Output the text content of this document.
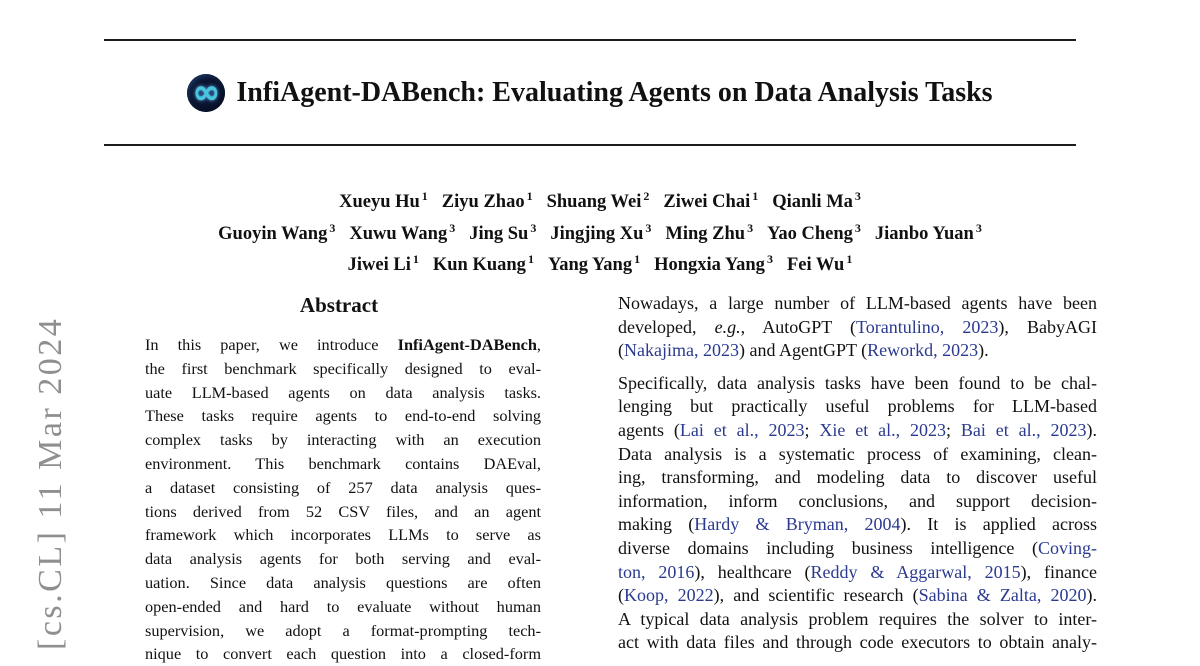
∞ InfiAgent-DABench: Evaluating Agents on Data Analysis Tasks
Xueyu Hu $^1$ Ziyu Zhao $^1$ Shuang Wei $^2$ Ziwei Chai $^1$ Qianli Ma $^3$
Guoyin Wang $^3$ Xuwu Wang $^3$ Jing Su $^3$ Jingjing Xu $^3$ Ming Zhu $^3$ Yao Cheng $^3$ Jianbo Yuan $^3$
Jiwei Li $^1$ Kun Kuang $^1$ Yang Yang $^1$ Hongxia Yang $^3$ Fei Wu $^1$
Abstract
In this paper, we introduce InfiAgent-DABench,
the first benchmark specifically designed to eval-
uate LLM-based agents on data analysis tasks.
These tasks require agents to end-to-end solving
complex tasks by interacting with an execution
environment. This benchmark contains DAEval,
a dataset consisting of 257 data analysis ques-
tions derived from 52 CSV files, and an agent
framework which incorporates LLMs to serve as
data analysis agents for both serving and eval-
uation. Since data analysis questions are often
open-ended and hard to evaluate without human
supervision, we adopt a format-prompting tech-
nique to convert each question into a closed-form
Nowadays, a large number of LLM-based agents have been
developed, e.g., AutoGPT (Torantulino, 2023), BabyAGI
(Nakajima, 2023) and AgentGPT (Reworkd, 2023).
Specifically, data analysis tasks have been found to be chal-
lenging but practically useful problems for LLM-based
agents (Lai et al., 2023; Xie et al., 2023; Bai et al., 2023).
Data analysis is a systematic process of examining, clean-
ing, transforming, and modeling data to discover useful
information, inform conclusions, and support decision-
making (Hardy & Bryman, 2004). It is applied across
diverse domains including business intelligence (Coving-
ton, 2016), healthcare (Reddy & Aggarwal, 2015), finance
(Koop, 2022), and scientific research (Sabina & Zalta, 2020).
A typical data analysis problem requires the solver to inter-
act with data files and through code executors to obtain analy-
[cs.CL] 11 Mar 2024
